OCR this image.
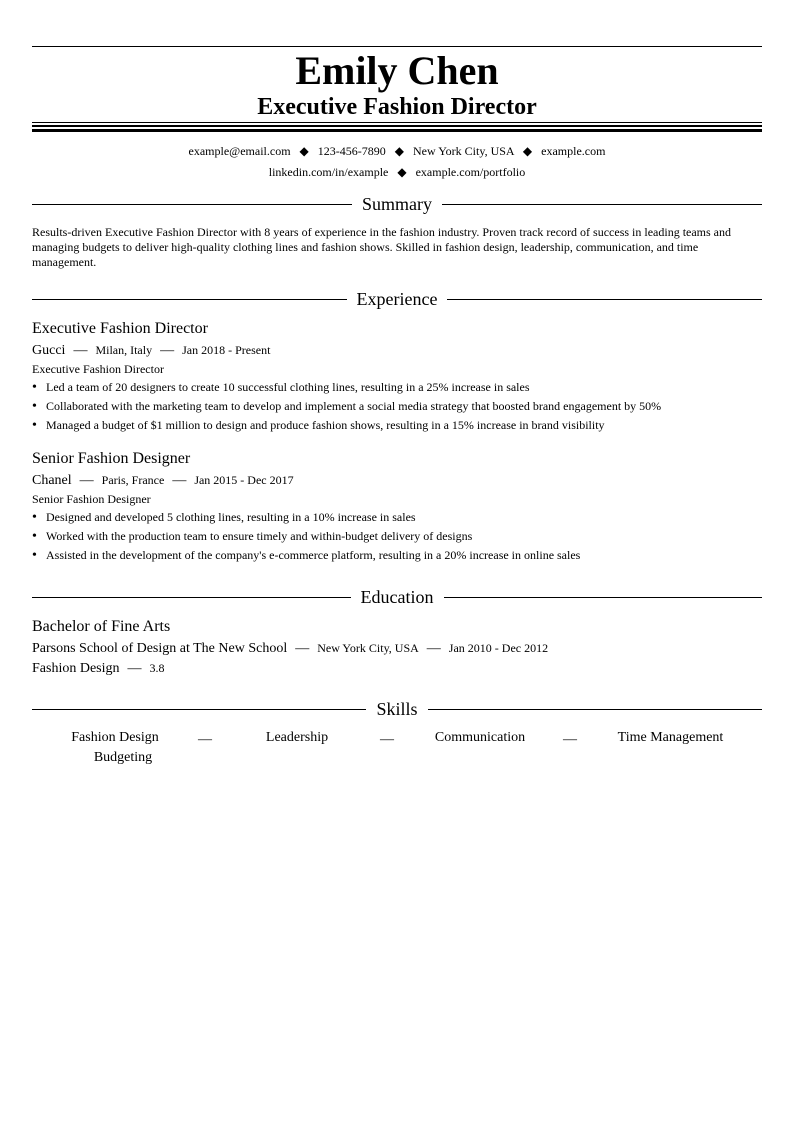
Emily Chen
Executive Fashion Director
example@email.com ◆ 123-456-7890 ◆ New York City, USA ◆ example.com
linkedin.com/in/example ◆ example.com/portfolio
Summary
Results-driven Executive Fashion Director with 8 years of experience in the fashion industry. Proven track record of success in leading teams and managing budgets to deliver high-quality clothing lines and fashion shows. Skilled in fashion design, leadership, communication, and time management.
Experience
Executive Fashion Director
Gucci — Milan, Italy — Jan 2018 - Present
Executive Fashion Director
• Led a team of 20 designers to create 10 successful clothing lines, resulting in a 25% increase in sales
• Collaborated with the marketing team to develop and implement a social media strategy that boosted brand engagement by 50%
• Managed a budget of $1 million to design and produce fashion shows, resulting in a 15% increase in brand visibility
Senior Fashion Designer
Chanel — Paris, France — Jan 2015 - Dec 2017
Senior Fashion Designer
• Designed and developed 5 clothing lines, resulting in a 10% increase in sales
• Worked with the production team to ensure timely and within-budget delivery of designs
• Assisted in the development of the company's e-commerce platform, resulting in a 20% increase in online sales
Education
Bachelor of Fine Arts
Parsons School of Design at The New School — New York City, USA — Jan 2010 - Dec 2012
Fashion Design — 3.8
Skills
Fashion Design	—	Leadership	—	Communication	—	Time Management
Budgeting
